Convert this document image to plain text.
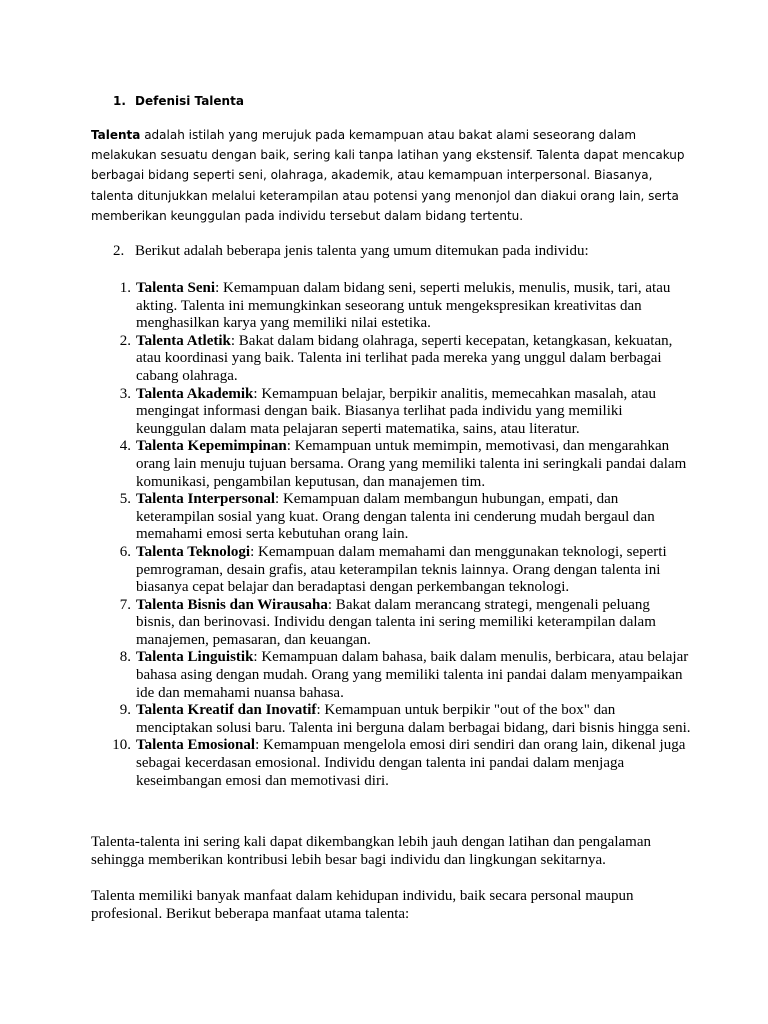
1. Defenisi Talenta
Talenta adalah istilah yang merujuk pada kemampuan atau bakat alami seseorang dalam melakukan sesuatu dengan baik, sering kali tanpa latihan yang ekstensif. Talenta dapat mencakup berbagai bidang seperti seni, olahraga, akademik, atau kemampuan interpersonal. Biasanya, talenta ditunjukkan melalui keterampilan atau potensi yang menonjol dan diakui orang lain, serta memberikan keunggulan pada individu tersebut dalam bidang tertentu.
2. Berikut adalah beberapa jenis talenta yang umum ditemukan pada individu:
1. Talenta Seni: Kemampuan dalam bidang seni, seperti melukis, menulis, musik, tari, atau akting. Talenta ini memungkinkan seseorang untuk mengekspresikan kreativitas dan menghasilkan karya yang memiliki nilai estetika.
2. Talenta Atletik: Bakat dalam bidang olahraga, seperti kecepatan, ketangkasan, kekuatan, atau koordinasi yang baik. Talenta ini terlihat pada mereka yang unggul dalam berbagai cabang olahraga.
3. Talenta Akademik: Kemampuan belajar, berpikir analitis, memecahkan masalah, atau mengingat informasi dengan baik. Biasanya terlihat pada individu yang memiliki keunggulan dalam mata pelajaran seperti matematika, sains, atau literatur.
4. Talenta Kepemimpinan: Kemampuan untuk memimpin, memotivasi, dan mengarahkan orang lain menuju tujuan bersama. Orang yang memiliki talenta ini seringkali pandai dalam komunikasi, pengambilan keputusan, dan manajemen tim.
5. Talenta Interpersonal: Kemampuan dalam membangun hubungan, empati, dan keterampilan sosial yang kuat. Orang dengan talenta ini cenderung mudah bergaul dan memahami emosi serta kebutuhan orang lain.
6. Talenta Teknologi: Kemampuan dalam memahami dan menggunakan teknologi, seperti pemrograman, desain grafis, atau keterampilan teknis lainnya. Orang dengan talenta ini biasanya cepat belajar dan beradaptasi dengan perkembangan teknologi.
7. Talenta Bisnis dan Wirausaha: Bakat dalam merancang strategi, mengenali peluang bisnis, dan berinovasi. Individu dengan talenta ini sering memiliki keterampilan dalam manajemen, pemasaran, dan keuangan.
8. Talenta Linguistik: Kemampuan dalam bahasa, baik dalam menulis, berbicara, atau belajar bahasa asing dengan mudah. Orang yang memiliki talenta ini pandai dalam menyampaikan ide dan memahami nuansa bahasa.
9. Talenta Kreatif dan Inovatif: Kemampuan untuk berpikir "out of the box" dan menciptakan solusi baru. Talenta ini berguna dalam berbagai bidang, dari bisnis hingga seni.
10. Talenta Emosional: Kemampuan mengelola emosi diri sendiri dan orang lain, dikenal juga sebagai kecerdasan emosional. Individu dengan talenta ini pandai dalam menjaga keseimbangan emosi dan memotivasi diri.
Talenta-talenta ini sering kali dapat dikembangkan lebih jauh dengan latihan dan pengalaman sehingga memberikan kontribusi lebih besar bagi individu dan lingkungan sekitarnya.
Talenta memiliki banyak manfaat dalam kehidupan individu, baik secara personal maupun profesional. Berikut beberapa manfaat utama talenta:
